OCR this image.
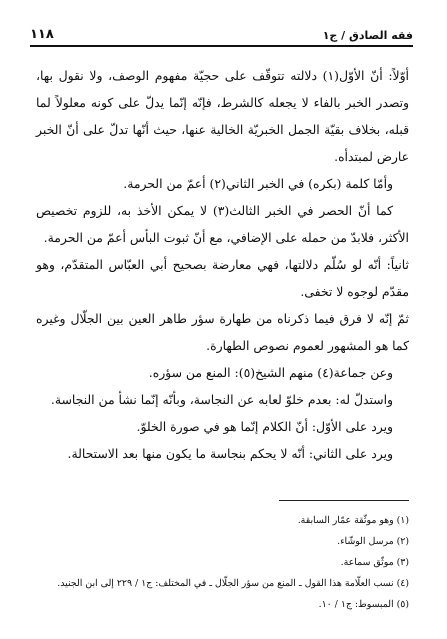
١١٨	فقه الصادق / ج١

أوّلاً: أنّ الأوّل(١) دلالته تتوقّف على حجيّة مفهوم الوصف، ولا نقول بها، وتصدر الخبر بالفاء لا يجعله كالشرط، فإنّه إنّما يدلّ على كونه معلولاً لما قبله، بخلاف بقيّة الجمل الخبريّة الخالية عنها، حيث أنّها تدلّ على أنّ الخبر عارض لمبتدأه.

وأمّا كلمة (بكره) في الخبر الثاني(٢) أعمّ من الحرمة.

كما أنّ الحصر في الخبر الثالث(٣) لا يمكن الأخذ به، للزوم تخصيص الأكثر، فلابدّ من حمله على الإضافي، مع أنّ ثبوت البأس أعمّ من الحرمة.

ثانياً: أنّه لو سُلّم دلالتها، فهي معارضة بصحيح أبي العبّاس المتقدّم، وهو مقدّم لوجوه لا تخفى.

ثمّ إنّه لا فرق فيما ذكرناه من طهارة سؤر طاهر العين بين الجلّال وغيره كما هو المشهور لعموم نصوص الطهارة.

وعن جماعة(٤) منهم الشيخ(٥): المنع من سؤره.

واستدلّ له: بعدم خلوّ لعابه عن النجاسة، وبأنّه إنّما نشأ من النجاسة.

ويرد على الأوّل: أنّ الكلام إنّما هو في صورة الخلوّ.

ويرد على الثاني: أنّه لا يحكم بنجاسة ما يكون منها بعد الاستحالة.

(١) وهو موثّقة عمّار السابقة.

(٢) مرسل الوشّاء.

(٣) موثّق سماعة.

(٤) نسب العلّامة هذا القول ـ المنع من سؤر الجلّال ـ في المختلف: ج١ / ٢٢٩ إلى ابن الجنيد.

(٥) المبسوط: ج١ / ١٠.
